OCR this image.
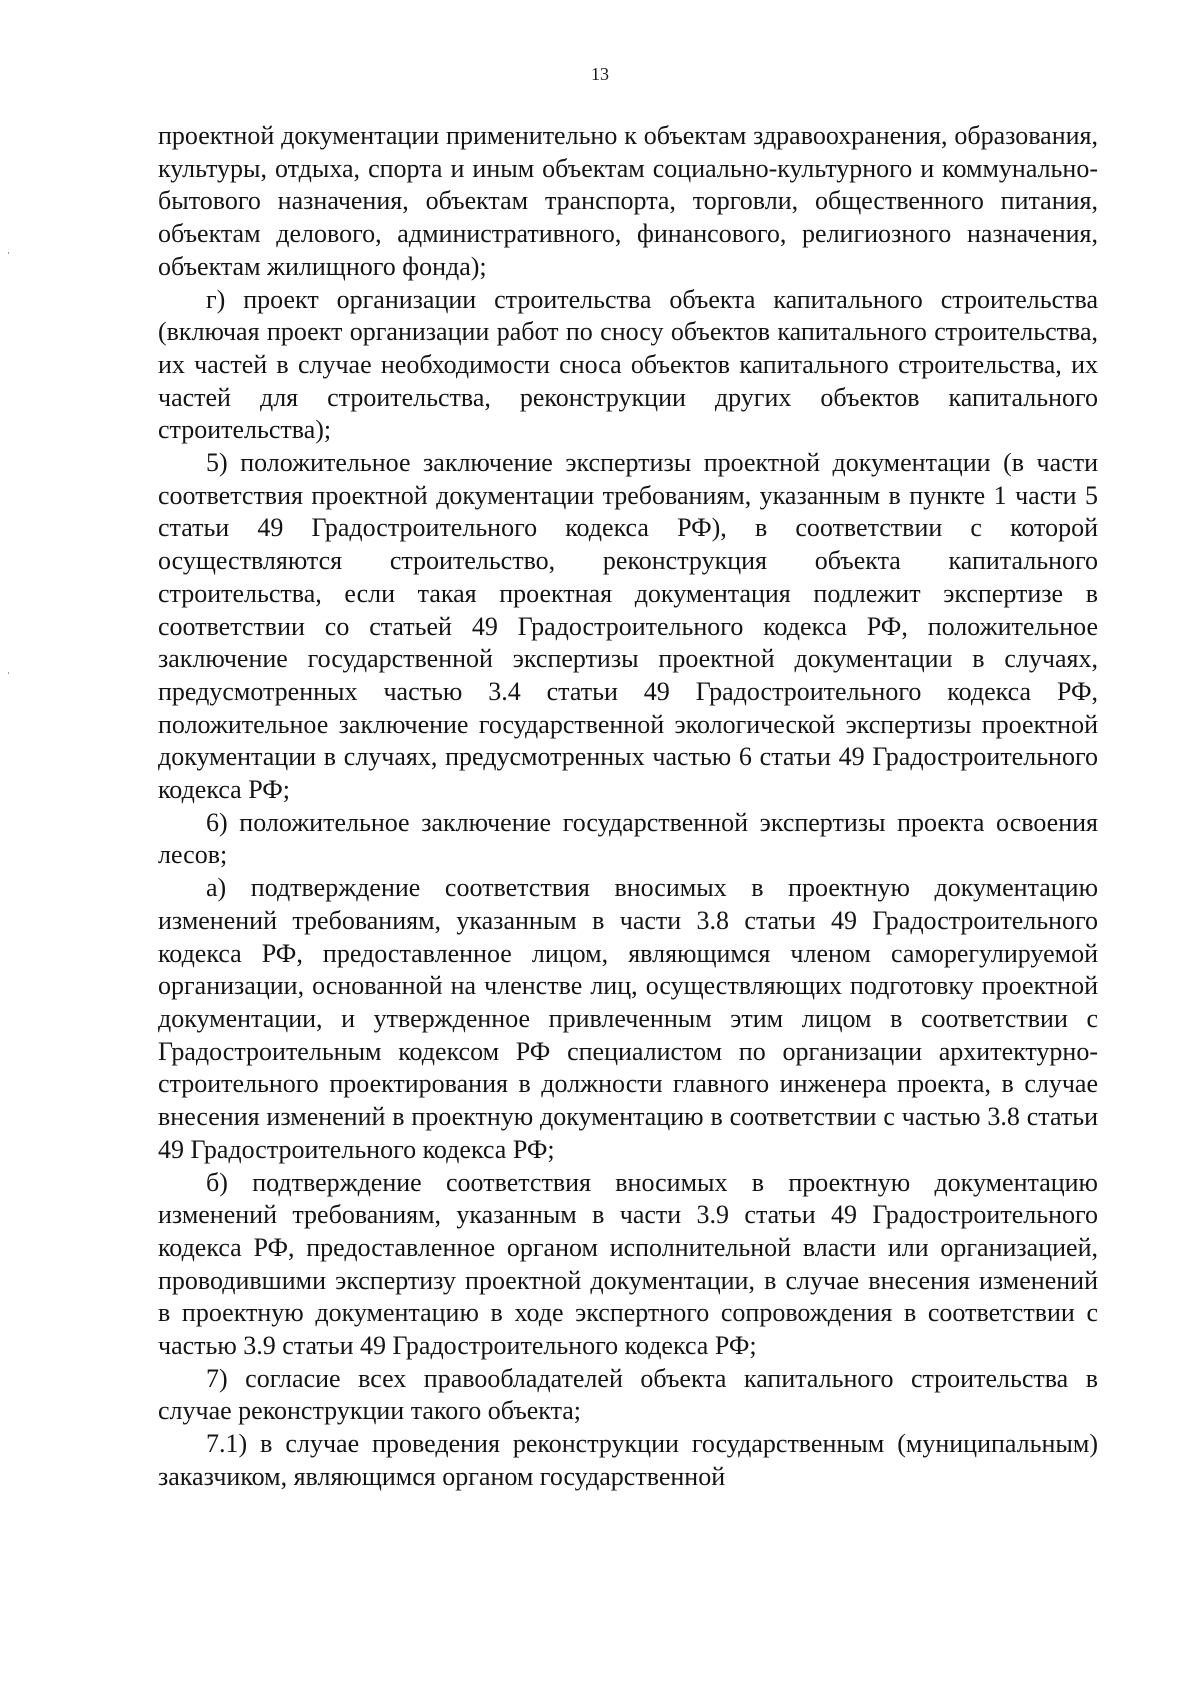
13

проектной документации применительно к объектам здравоохранения, образования, культуры, отдыха, спорта и иным объектам социально-культурного и коммунально-бытового назначения, объектам транспорта, торговли, общественного питания, объектам делового, административного, финансового, религиозного назначения, объектам жилищного фонда);

г) проект организации строительства объекта капитального строительства (включая проект организации работ по сносу объектов капитального строительства, их частей в случае необходимости сноса объектов капитального строительства, их частей для строительства, реконструкции других объектов капитального строительства);

5) положительное заключение экспертизы проектной документации (в части соответствия проектной документации требованиям, указанным в пункте 1 части 5 статьи 49 Градостроительного кодекса РФ), в соответствии с которой осуществляются строительство, реконструкция объекта капитального строительства, если такая проектная документация подлежит экспертизе в соответствии со статьей 49 Градостроительного кодекса РФ, положительное заключение государственной экспертизы проектной документации в случаях, предусмотренных частью 3.4 статьи 49 Градостроительного кодекса РФ, положительное заключение государственной экологической экспертизы проектной документации в случаях, предусмотренных частью 6 статьи 49 Градостроительного кодекса РФ;

6) положительное заключение государственной экспертизы проекта освоения лесов;

а) подтверждение соответствия вносимых в проектную документацию изменений требованиям, указанным в части 3.8 статьи 49 Градостроительного кодекса РФ, предоставленное лицом, являющимся членом саморегулируемой организации, основанной на членстве лиц, осуществляющих подготовку проектной документации, и утвержденное привлеченным этим лицом в соответствии с Градостроительным кодексом РФ специалистом по организации архитектурно-строительного проектирования в должности главного инженера проекта, в случае внесения изменений в проектную документацию в соответствии с частью 3.8 статьи 49 Градостроительного кодекса РФ;

б) подтверждение соответствия вносимых в проектную документацию изменений требованиям, указанным в части 3.9 статьи 49 Градостроительного кодекса РФ, предоставленное органом исполнительной власти или организацией, проводившими экспертизу проектной документации, в случае внесения изменений в проектную документацию в ходе экспертного сопровождения в соответствии с частью 3.9 статьи 49 Градостроительного кодекса РФ;

7) согласие всех правообладателей объекта капитального строительства в случае реконструкции такого объекта;

7.1) в случае проведения реконструкции государственным (муниципальным) заказчиком, являющимся органом государственной
